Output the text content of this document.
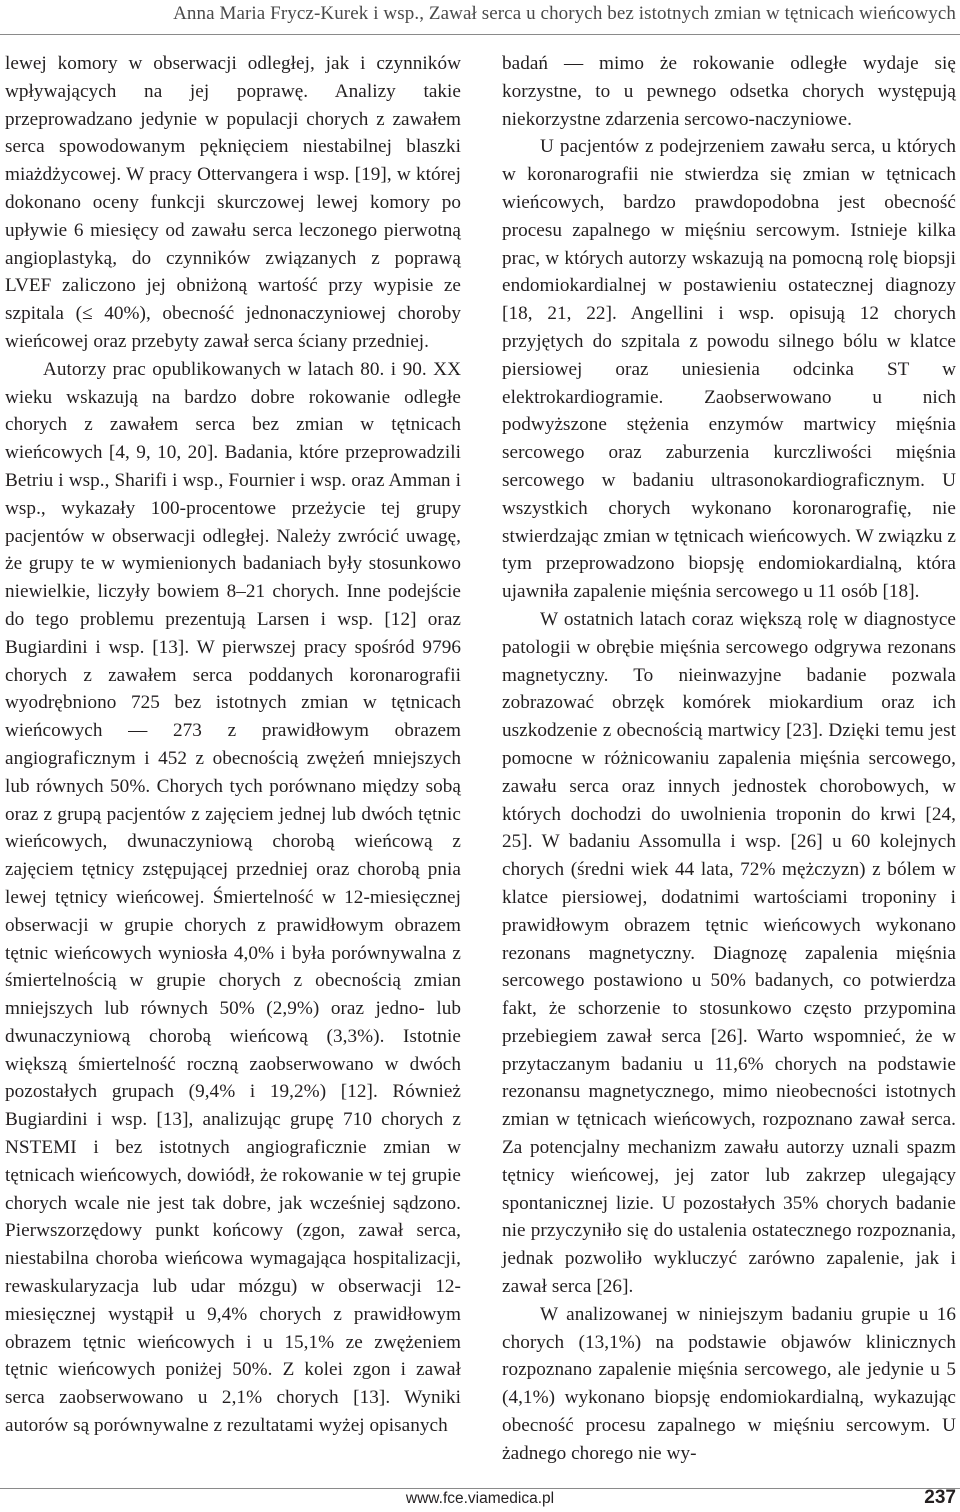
Anna Maria Frycz-Kurek i wsp., Zawał serca u chorych bez istotnych zmian w tętnicach wieńcowych

lewej komory w obserwacji odległej, jak i czynników wpływających na jej poprawę. Analizy takie przeprowadzano jedynie w populacji chorych z zawałem serca spowodowanym pęknięciem niestabilnej blaszki miażdżycowej. W pracy Ottervangera i wsp. [19], w której dokonano oceny funkcji skurczowej lewej komory po upływie 6 miesięcy od zawału serca leczonego pierwotną angioplastyką, do czynników związanych z poprawą LVEF zaliczono jej obniżoną wartość przy wypisie ze szpitala (≤ 40%), obecność jednonaczyniowej choroby wieńcowej oraz przebyty zawał serca ściany przedniej.

Autorzy prac opublikowanych w latach 80. i 90. XX wieku wskazują na bardzo dobre rokowanie odległe chorych z zawałem serca bez zmian w tętnicach wieńcowych [4, 9, 10, 20]. Badania, które przeprowadzili Betriu i wsp., Sharifi i wsp., Fournier i wsp. oraz Amman i wsp., wykazały 100-procentowe przeżycie tej grupy pacjentów w obserwacji odległej. Należy zwrócić uwagę, że grupy te w wymienionych badaniach były stosunkowo niewielkie, liczyły bowiem 8–21 chorych. Inne podejście do tego problemu prezentują Larsen i wsp. [12] oraz Bugiardini i wsp. [13]. W pierwszej pracy spośród 9796 chorych z zawałem serca poddanych koronarografii wyodrębniono 725 bez istotnych zmian w tętnicach wieńcowych — 273 z prawidłowym obrazem angiograficznym i 452 z obecnością zwężeń mniejszych lub równych 50%. Chorych tych porównano między sobą oraz z grupą pacjentów z zajęciem jednej lub dwóch tętnic wieńcowych, dwunaczyniową chorobą wieńcową z zajęciem tętnicy zstępującej przedniej oraz chorobą pnia lewej tętnicy wieńcowej. Śmiertelność w 12-miesięcznej obserwacji w grupie chorych z prawidłowym obrazem tętnic wieńcowych wyniosła 4,0% i była porównywalna z śmiertelnością w grupie chorych z obecnością zmian mniejszych lub równych 50% (2,9%) oraz jedno- lub dwunaczyniową chorobą wieńcową (3,3%). Istotnie większą śmiertelność roczną zaobserwowano w dwóch pozostałych grupach (9,4% i 19,2%) [12]. Również Bugiardini i wsp. [13], analizując grupę 710 chorych z NSTEMI i bez istotnych angiograficznie zmian w tętnicach wieńcowych, dowiódł, że rokowanie w tej grupie chorych wcale nie jest tak dobre, jak wcześniej sądzono. Pierwszorzędowy punkt końcowy (zgon, zawał serca, niestabilna choroba wieńcowa wymagająca hospitalizacji, rewaskularyzacja lub udar mózgu) w obserwacji 12-miesięcznej wystąpił u 9,4% chorych z prawidłowym obrazem tętnic wieńcowych i u 15,1% ze zwężeniem tętnic wieńcowych poniżej 50%. Z kolei zgon i zawał serca zaobserwowano u 2,1% chorych [13]. Wyniki autorów są porównywalne z rezultatami wyżej opisanych

badań — mimo że rokowanie odległe wydaje się korzystne, to u pewnego odsetka chorych występują niekorzystne zdarzenia sercowo-naczyniowe.

U pacjentów z podejrzeniem zawału serca, u których w koronarografii nie stwierdza się zmian w tętnicach wieńcowych, bardzo prawdopodobna jest obecność procesu zapalnego w mięśniu sercowym. Istnieje kilka prac, w których autorzy wskazują na pomocną rolę biopsji endomiokardialnej w postawieniu ostatecznej diagnozy [18, 21, 22]. Angellini i wsp. opisują 12 chorych przyjętych do szpitala z powodu silnego bólu w klatce piersiowej oraz uniesienia odcinka ST w elektrokardiogramie. Zaobserwowano u nich podwyższone stężenia enzymów martwicy mięśnia sercowego oraz zaburzenia kurczliwości mięśnia sercowego w badaniu ultrasonokardiograficznym. U wszystkich chorych wykonano koronarografię, nie stwierdzając zmian w tętnicach wieńcowych. W związku z tym przeprowadzono biopsję endomiokardialną, która ujawniła zapalenie mięśnia sercowego u 11 osób [18].

W ostatnich latach coraz większą rolę w diagnostyce patologii w obrębie mięśnia sercowego odgrywa rezonans magnetyczny. To nieinwazyjne badanie pozwala zobrazować obrzęk komórek miokardium oraz ich uszkodzenie z obecnością martwicy [23]. Dzięki temu jest pomocne w różnicowaniu zapalenia mięśnia sercowego, zawału serca oraz innych jednostek chorobowych, w których dochodzi do uwolnienia troponin do krwi [24, 25]. W badaniu Assomulla i wsp. [26] u 60 kolejnych chorych (średni wiek 44 lata, 72% mężczyzn) z bólem w klatce piersiowej, dodatnimi wartościami troponiny i prawidłowym obrazem tętnic wieńcowych wykonano rezonans magnetyczny. Diagnozę zapalenia mięśnia sercowego postawiono u 50% badanych, co potwierdza fakt, że schorzenie to stosunkowo często przypomina przebiegiem zawał serca [26]. Warto wspomnieć, że w przytaczanym badaniu u 11,6% chorych na podstawie rezonansu magnetycznego, mimo nieobecności istotnych zmian w tętnicach wieńcowych, rozpoznano zawał serca. Za potencjalny mechanizm zawału autorzy uznali spazm tętnicy wieńcowej, jej zator lub zakrzep ulegający spontanicznej lizie. U pozostałych 35% chorych badanie nie przyczyniło się do ustalenia ostatecznego rozpoznania, jednak pozwoliło wykluczyć zarówno zapalenie, jak i zawał serca [26].

W analizowanej w niniejszym badaniu grupie u 16 chorych (13,1%) na podstawie objawów klinicznych rozpoznano zapalenie mięśnia sercowego, ale jedynie u 5 (4,1%) wykonano biopsję endomiokardialną, wykazując obecność procesu zapalnego w mięśniu sercowym. U żadnego chorego nie wy-

www.fce.viamedica.pl	237
